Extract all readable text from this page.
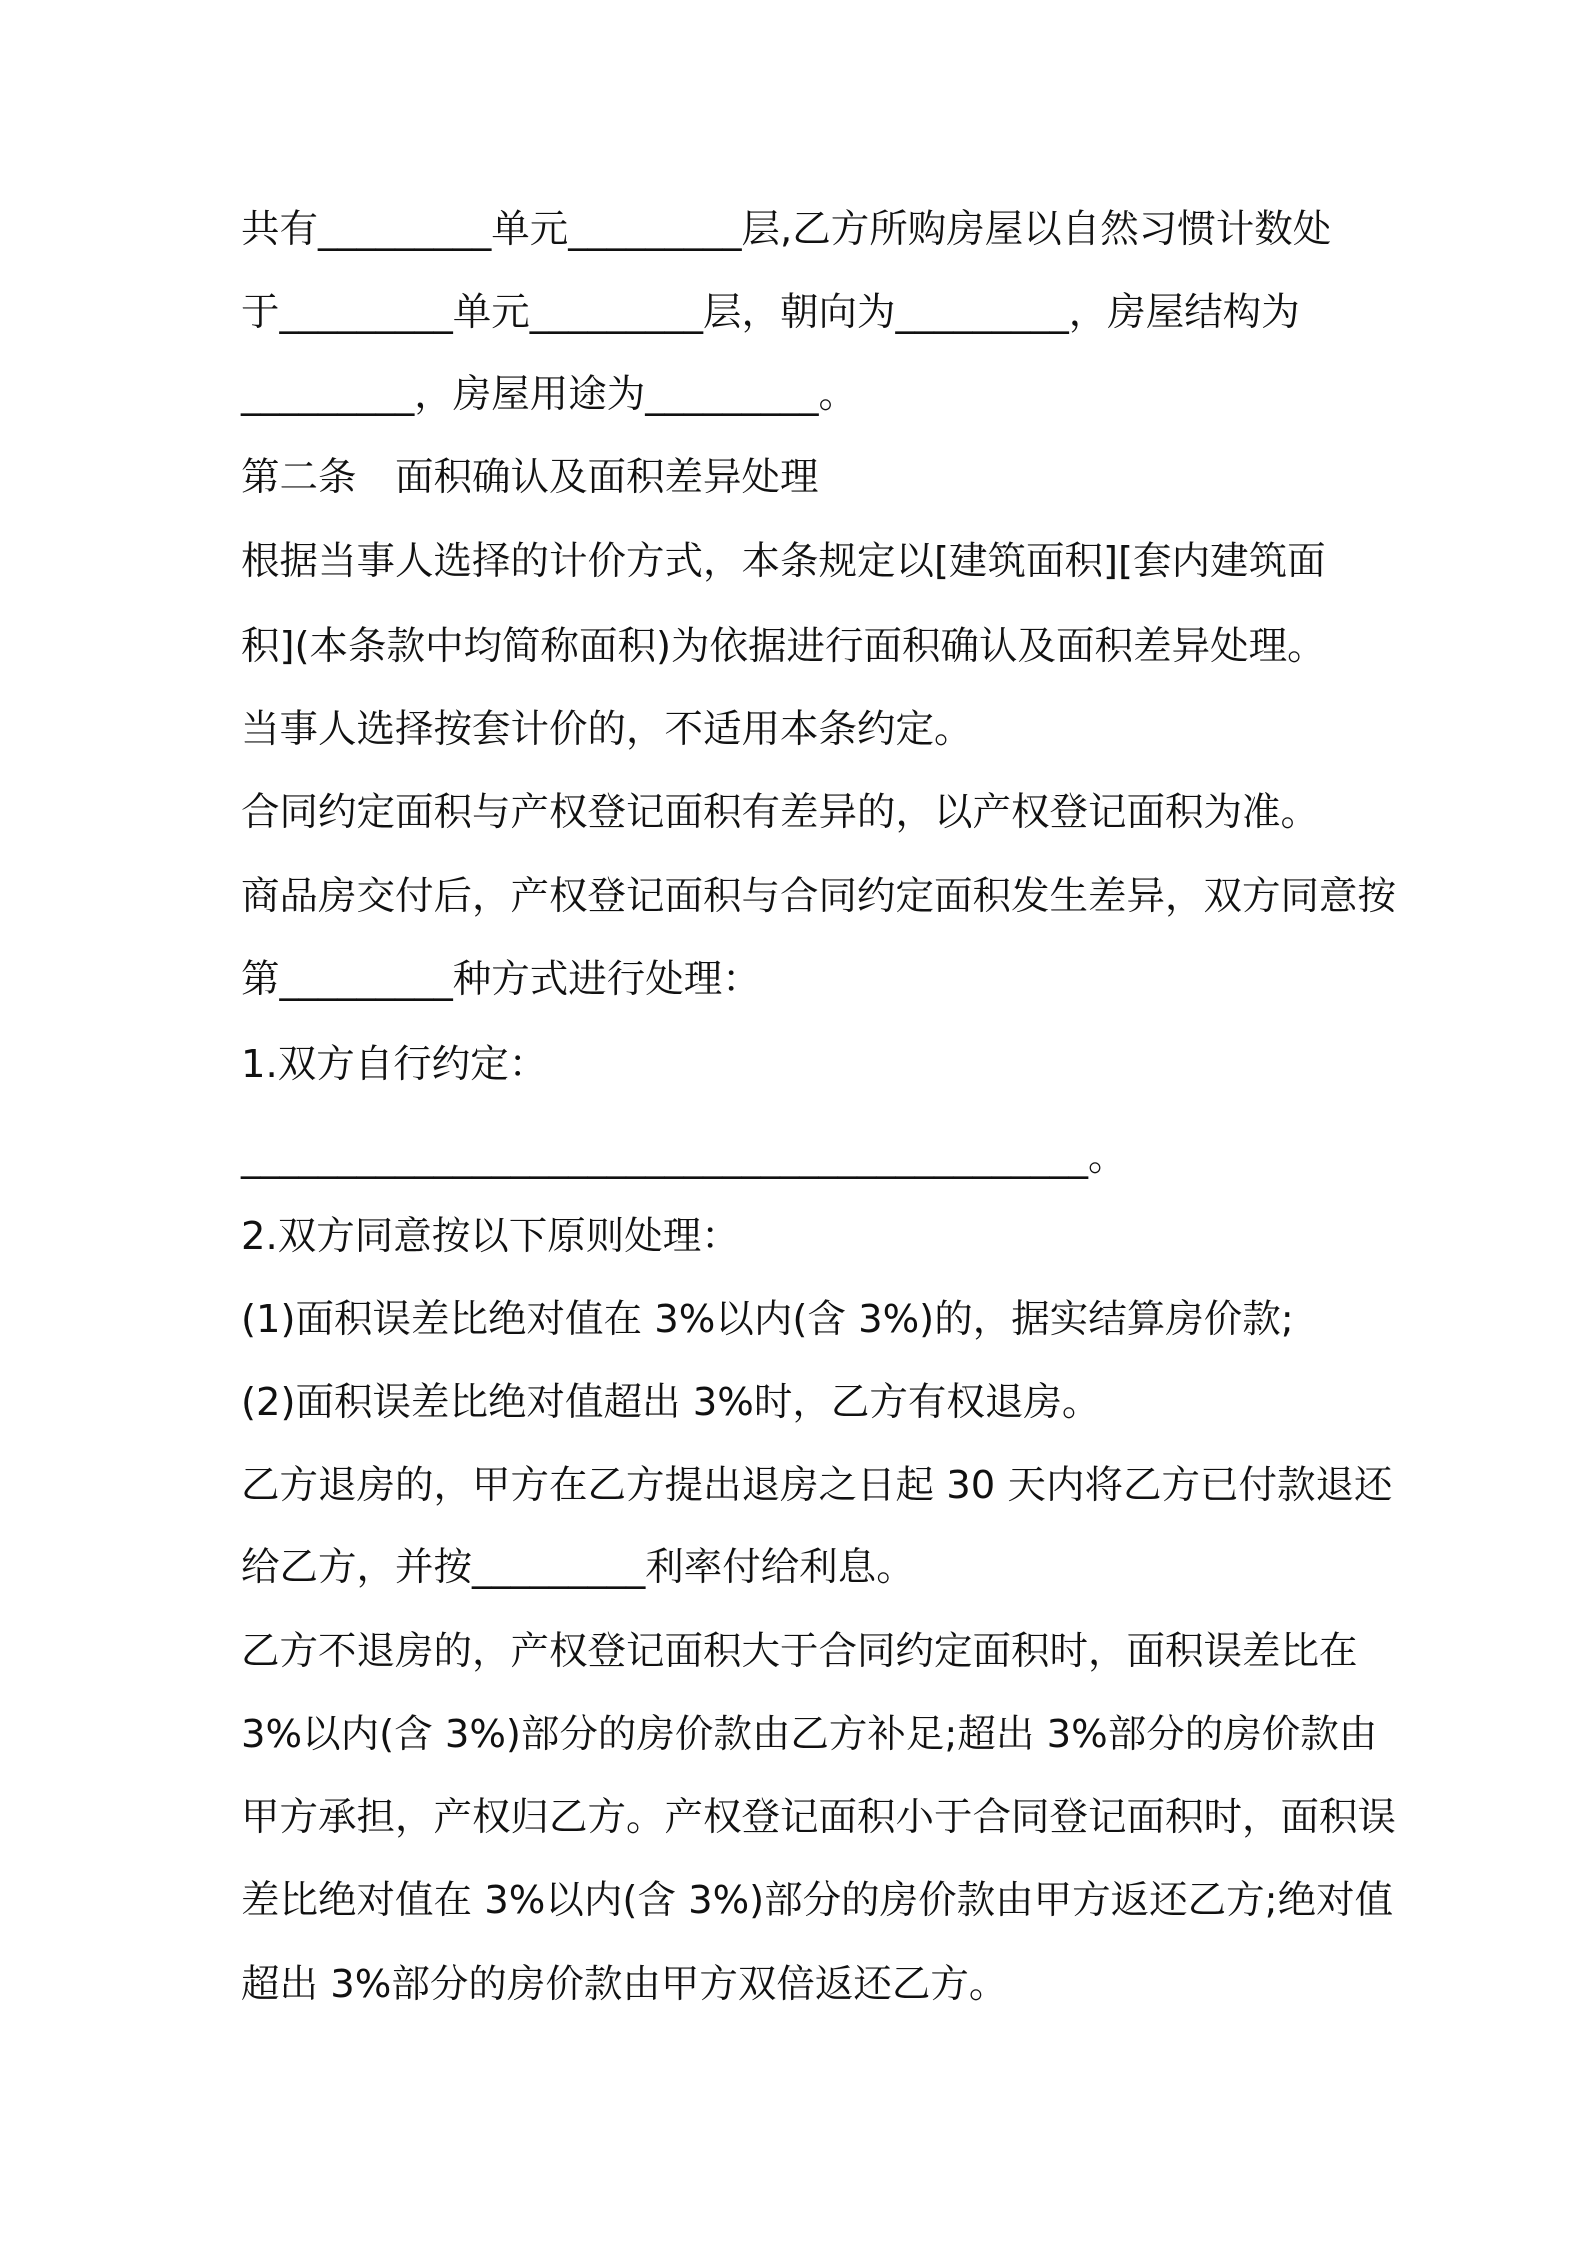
共有_________单元_________层,乙方所购房屋以自然习惯计数处
于_________单元_________层，朝向为_________，房屋结构为
_________，房屋用途为_________。
第二条　面积确认及面积差异处理
根据当事人选择的计价方式，本条规定以[建筑面积][套内建筑面
积](本条款中均简称面积)为依据进行面积确认及面积差异处理。
当事人选择按套计价的，不适用本条约定。
合同约定面积与产权登记面积有差异的，以产权登记面积为准。
商品房交付后，产权登记面积与合同约定面积发生差异，双方同意按
第_________种方式进行处理：
1.双方自行约定：
____________________________________________。
2.双方同意按以下原则处理：
(1)面积误差比绝对值在 3%以内(含 3%)的，据实结算房价款;
(2)面积误差比绝对值超出 3%时，乙方有权退房。
乙方退房的，甲方在乙方提出退房之日起 30 天内将乙方已付款退还
给乙方，并按_________利率付给利息。
乙方不退房的，产权登记面积大于合同约定面积时，面积误差比在
3%以内(含 3%)部分的房价款由乙方补足;超出 3%部分的房价款由
甲方承担，产权归乙方。产权登记面积小于合同登记面积时，面积误
差比绝对值在 3%以内(含 3%)部分的房价款由甲方返还乙方;绝对值
超出 3%部分的房价款由甲方双倍返还乙方。
